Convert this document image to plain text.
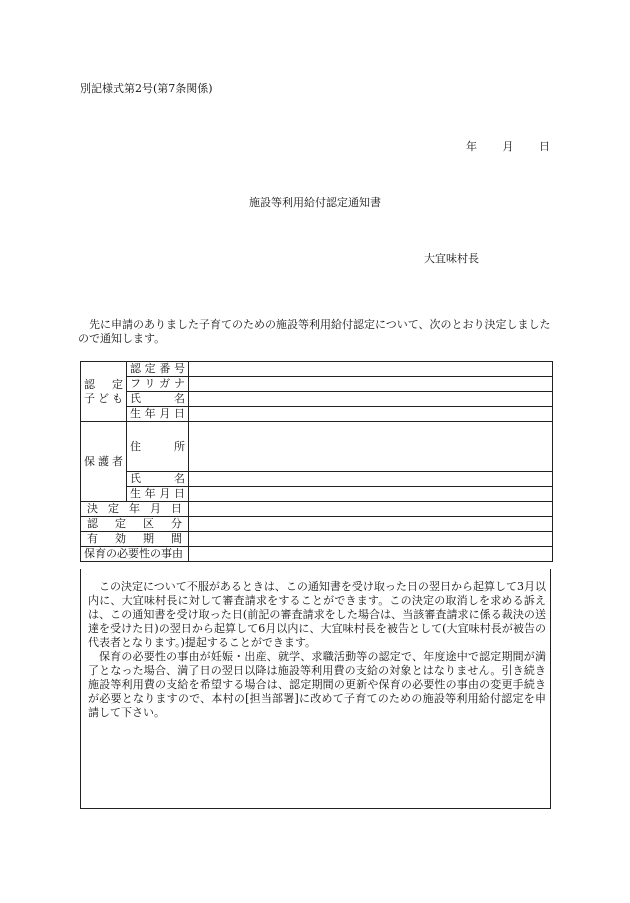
別記様式第2号(第7条関係)
年 月 日
施設等利用給付認定通知書
大宜味村長

先に申請のありました子育てのための施設等利用給付認定について、次のとおり決定しましたので通知します。

認　定
子ども	認定番号	
	フリガナ	
	氏　名	
	生年月日	
保護者	住　所	
	氏　名	
	生年月日	
決定年月日		
認定区分		
有効期間		
保育の必要性の事由		

この決定について不服があるときは、この通知書を受け取った日の翌日から起算して3月以内に、大宜味村長に対して審査請求をすることができます。この決定の取消しを求める訴えは、この通知書を受け取った日(前記の審査請求をした場合は、当該審査請求に係る裁決の送達を受けた日)の翌日から起算して6月以内に、大宜味村長を被告として(大宜味村長が被告の代表者となります。)提起することができます。

保育の必要性の事由が妊娠・出産、就学、求職活動等の認定で、年度途中で認定期間が満了となった場合、満了日の翌日以降は施設等利用費の支給の対象とはなりません。引き続き施設等利用費の支給を希望する場合は、認定期間の更新や保育の必要性の事由の変更手続きが必要となりますので、本村の[担当部署]に改めて子育てのための施設等利用給付認定を申請して下さい。
